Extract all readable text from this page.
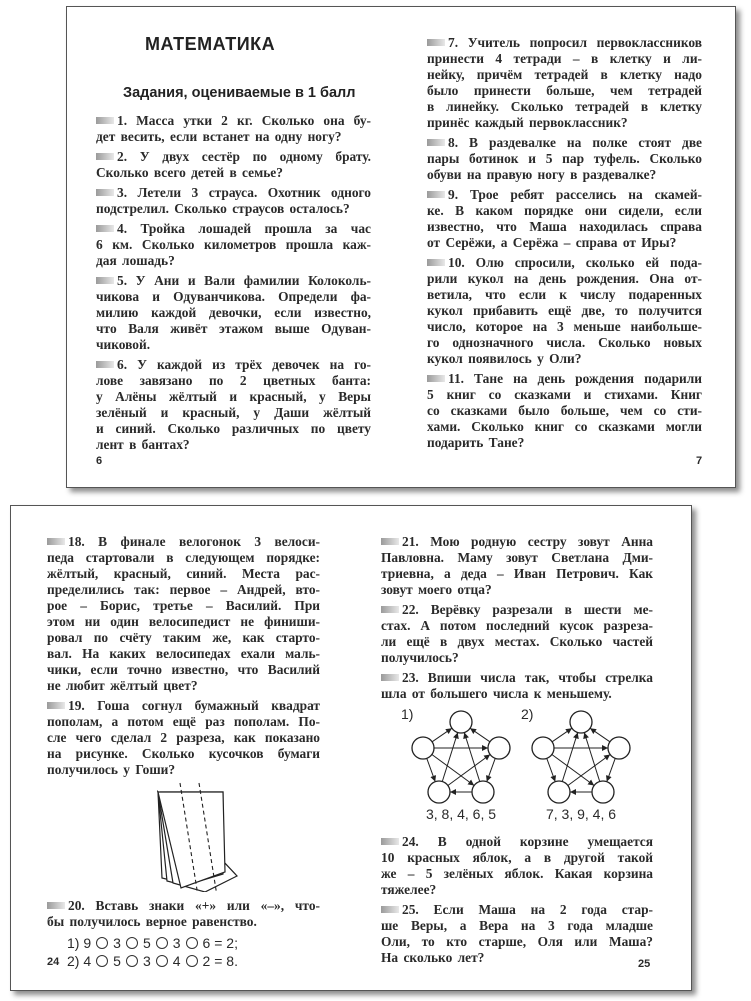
МАТЕМАТИКА
Задания, оцениваемые в 1 балл
1. Масса утки 2 кг. Сколько она бу-
дет весить, если встанет на одну ногу?
2. У двух сестёр по одному брату.
Сколько всего детей в семье?
3. Летели 3 страуса. Охотник одного
подстрелил. Сколько страусов осталось?
4. Тройка лошадей прошла за час
6 км. Сколько километров прошла каж-
дая лошадь?
5. У Ани и Вали фамилии Колоколь-
чикова и Одуванчикова. Определи фа-
милию каждой девочки, если известно,
что Валя живёт этажом выше Одуван-
чиковой.
6. У каждой из трёх девочек на го-
лове завязано по 2 цветных банта:
у Алёны жёлтый и красный, у Веры
зелёный и красный, у Даши жёлтый
и синий. Сколько различных по цвету
лент в бантах?
6
7. Учитель попросил первоклассников
принести 4 тетради – в клетку и ли-
нейку, причём тетрадей в клетку надо
было принести больше, чем тетрадей
в линейку. Сколько тетрадей в клетку
принёс каждый первоклассник?
8. В раздевалке на полке стоят две
пары ботинок и 5 пар туфель. Сколько
обуви на правую ногу в раздевалке?
9. Трое ребят расселись на скамей-
ке. В каком порядке они сидели, если
известно, что Маша находилась справа
от Серёжи, а Серёжа – справа от Иры?
10. Олю спросили, сколько ей пода-
рили кукол на день рождения. Она от-
ветила, что если к числу подаренных
кукол прибавить ещё две, то получится
число, которое на 3 меньше наибольше-
го однозначного числа. Сколько новых
кукол появилось у Оли?
11. Тане на день рождения подарили
5 книг со сказками и стихами. Книг
со сказками было больше, чем со сти-
хами. Сколько книг со сказками могли
подарить Тане?
7
18. В финале велогонок 3 велоси-
педа стартовали в следующем порядке:
жёлтый, красный, синий. Места рас-
пределились так: первое – Андрей, вто-
рое – Борис, третье – Василий. При
этом ни один велосипедист не финиши-
ровал по счёту таким же, как старто-
вал. На каких велосипедах ехали маль-
чики, если точно известно, что Василий
не любит жёлтый цвет?
19. Гоша согнул бумажный квадрат
пополам, а потом ещё раз пополам. По-
сле чего сделал 2 разреза, как показано
на рисунке. Сколько кусочков бумаги
получилось у Гоши?
20. Вставь знаки «+» или «–», что-
бы получилось верное равенство.
1) 9 3 5 3 6 = 2;
2) 4 5 3 4 2 = 8.
24
21. Мою родную сестру зовут Анна
Павловна. Маму зовут Светлана Дми-
триевна, а деда – Иван Петрович. Как
зовут моего отца?
22. Верёвку разрезали в шести ме-
стах. А потом последний кусок разреза-
ли ещё в двух местах. Сколько частей
получилось?
23. Впиши числа так, чтобы стрелка
шла от большего числа к меньшему.
1)
3, 8, 4, 6, 5
2)
7, 3, 9, 4, 6
24. В одной корзине умещается
10 красных яблок, а в другой такой
же – 5 зелёных яблок. Какая корзина
тяжелее?
25. Если Маша на 2 года стар-
ше Веры, а Вера на 3 года младше
Оли, то кто старше, Оля или Маша?
На сколько лет?	25
